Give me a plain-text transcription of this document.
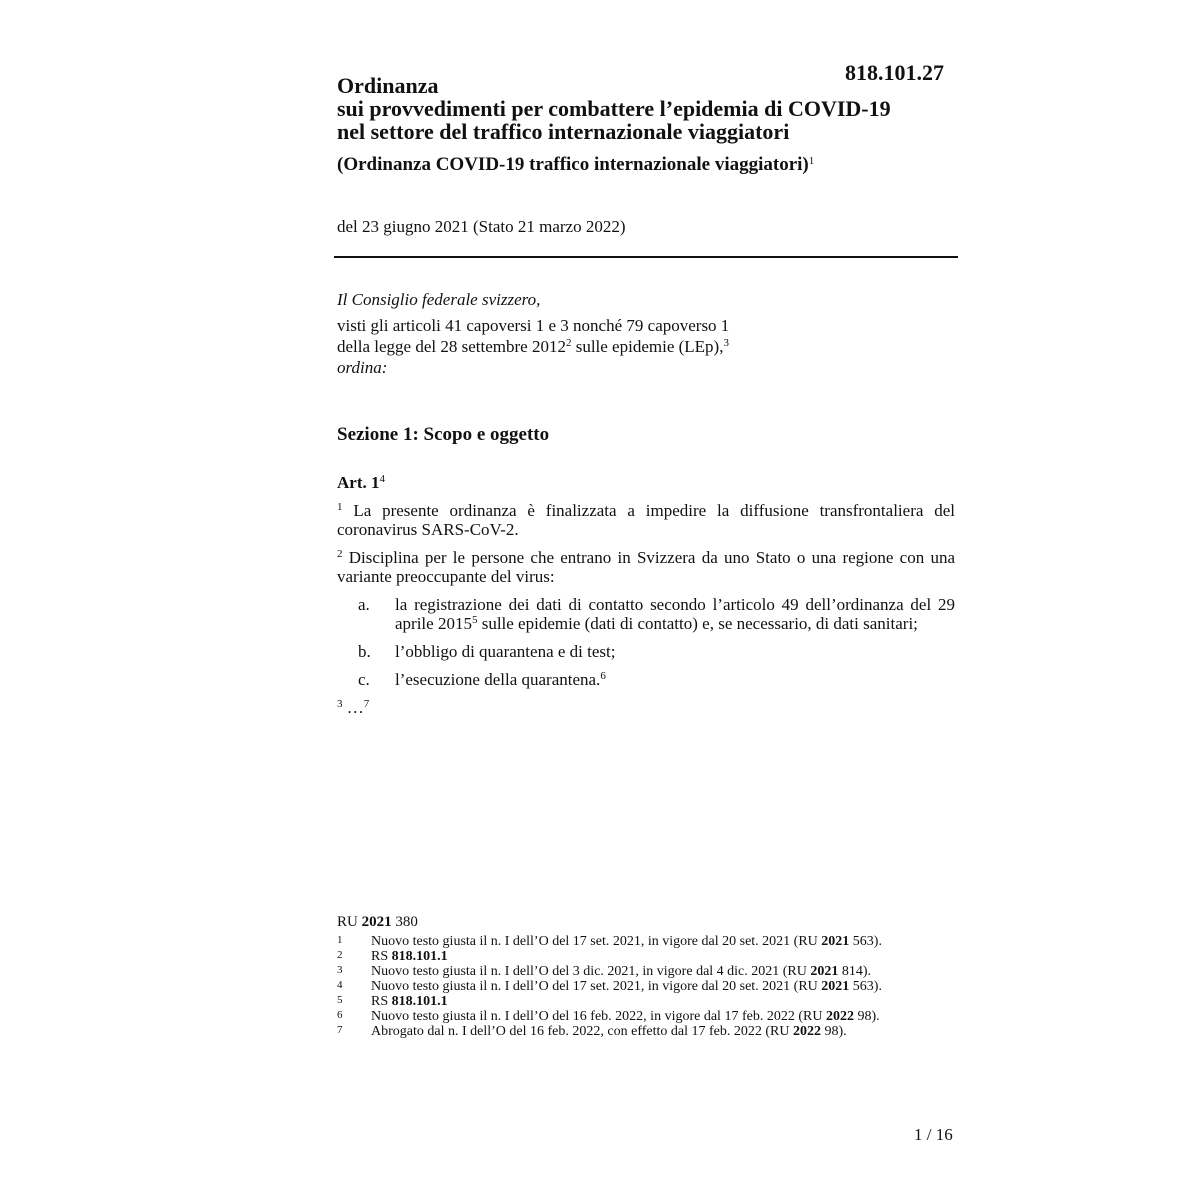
818.101.27
Ordinanza
sui provvedimenti per combattere l’epidemia di COVID-19
nel settore del traffico internazionale viaggiatori
(Ordinanza COVID-19 traffico internazionale viaggiatori)$^1$
del 23 giugno 2021 (Stato 21 marzo 2022)

Il Consiglio federale svizzero,

visti gli articoli 41 capoversi 1 e 3 nonché 79 capoverso 1
della legge del 28 settembre 2012$^2$ sulle epidemie (LEp),$^3$

ordina:

Sezione 1: Scopo e oggetto
Art. $1^4$

$^1$ La presente ordinanza è finalizzata a impedire la diffusione transfrontaliera del coronavirus SARS-CoV-2.

$^2$ Disciplina per le persone che entrano in Svizzera da uno Stato o una regione con una variante preoccupante del virus:

a. la registrazione dei dati di contatto secondo l’articolo 49 dell’ordinanza del 29 aprile 2015$^5$ sulle epidemie (dati di contatto) e, se necessario, di dati sanitari;
b. l’obbligo di quarantena e di test;
c. l’esecuzione della quarantena.$^6$

$^3$ …$^7$

RU 2021 380
1	Nuovo testo giusta il n. I dell’O del 17 set. 2021, in vigore dal 20 set. 2021 (RU 2021 563).
2	RS 818.101.1
3	Nuovo testo giusta il n. I dell’O del 3 dic. 2021, in vigore dal 4 dic. 2021 (RU 2021 814).
4	Nuovo testo giusta il n. I dell’O del 17 set. 2021, in vigore dal 20 set. 2021 (RU 2021 563).
5	RS 818.101.1
6	Nuovo testo giusta il n. I dell’O del 16 feb. 2022, in vigore dal 17 feb. 2022 (RU 2022 98).
7	Abrogato dal n. I dell’O del 16 feb. 2022, con effetto dal 17 feb. 2022 (RU 2022 98).
1 / 16
